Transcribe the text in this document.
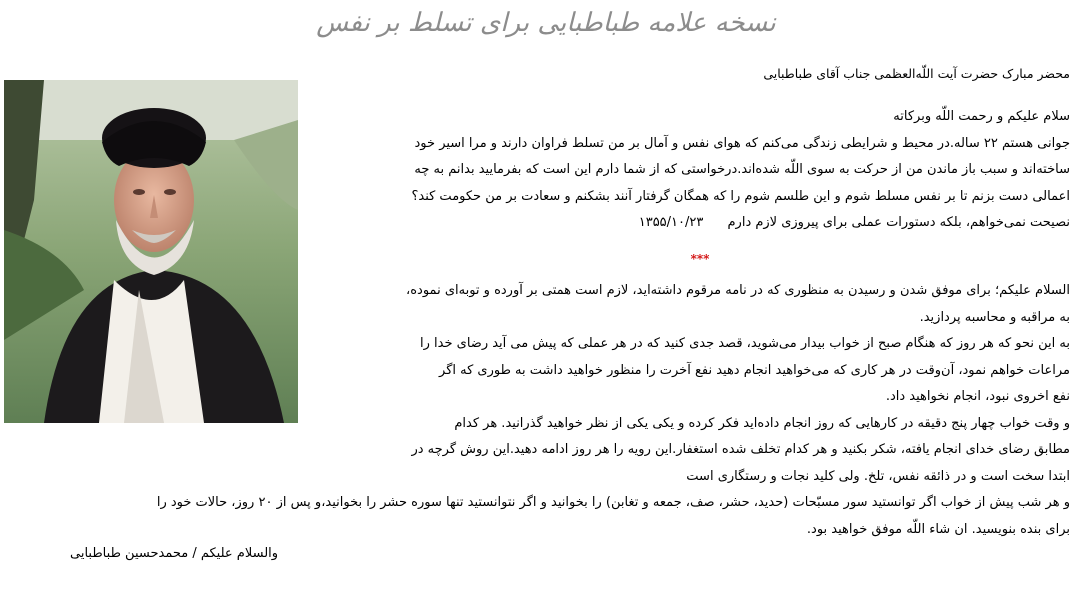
نسخه علامه طباطبایی برای تسلط بر نفس
محضر مبارک حضرت آیت اللّه‌العظمی جناب آقای طباطبایی

سلام علیکم و رحمت اللّه وبرکاته

جوانی هستم ۲۲ ساله.در محیط و شرایطی زندگی می‌کنم که هوای نفس و آمال بر من تسلط فراوان دارند و مرا اسیر خود

ساخته‌اند و سبب باز ماندن من از حرکت به سوی اللّه شده‌اند.درخواستی که از شما دارم این است که بفرمایید بدانم به چه

اعمالی دست بزنم تا بر نفس مسلط شوم و این طلسم شوم را که همگان گرفتار آنند بشکنم و سعادت بر من حکومت کند؟

نصیحت نمی‌خواهم، بلکه دستورات عملی برای پیروزی لازم دارم ۱۳۵۵/۱۰/۲۳

***

السلام علیکم؛ برای موفق شدن و رسیدن به منظوری که در نامه مرقوم داشته‌اید، لازم است همتی بر آورده و توبه‌ای نموده،

به مراقبه و محاسبه پردازید.

به این نحو که هر روز که هنگام صبح از خواب بیدار می‌شوید، قصد جدی کنید که در هر عملی که پیش می آید رضای خدا را

مراعات خواهم نمود، آن‌وقت در هر کاری که می‌خواهید انجام دهید نفع آخرت را منظور خواهید داشت به طوری که اگر

نفع اخروی نبود، انجام نخواهید داد.

و وقت خواب چهار پنج دقیقه در کارهایی که روز انجام داده‌اید فکر کرده و یکی یکی از نظر خواهید گذرانید. هر کدام

مطابق رضای خدای انجام یافته، شکر بکنید و هر کدام تخلف شده استغفار.این رویه را هر روز ادامه دهید.این روش گرچه در

ابتدا سخت است و در ذائقه نفس، تلخ. ولی کلید نجات و رستگاری است

و هر شب پیش از خواب اگر توانستید سور مسبّحات (حدید، حشر، صف، جمعه و تغابن) را بخوانید و اگر نتوانستید تنها سوره حشر را بخوانید،و پس از ۲۰ روز، حالات خود را

برای بنده بنویسید. ان شاء اللّه موفق خواهید بود.

والسلام علیکم / محمدحسین طباطبایی
